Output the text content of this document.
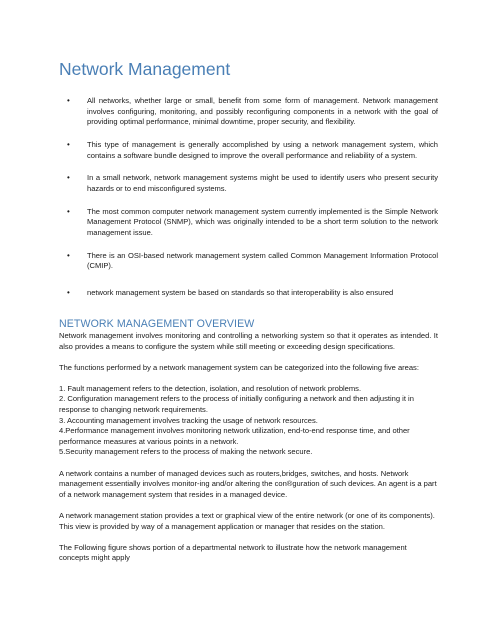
Network Management
• All networks, whether large or small, benefit from some form of management. Network management involves configuring, monitoring, and possibly reconfiguring components in a network with the goal of providing optimal performance, minimal downtime, proper security, and flexibility.
• This type of management is generally accomplished by using a network management system, which contains a software bundle designed to improve the overall performance and reliability of a system.
• In a small network, network management systems might be used to identify users who present security hazards or to end misconfigured systems.
• The most common computer network management system currently implemented is the Simple Network Management Protocol (SNMP), which was originally intended to be a short term solution to the network management issue.
• There is an OSI-based network management system called Common Management Information Protocol (CMIP).
• network management system be based on standards so that interoperability is also ensured
NETWORK MANAGEMENT OVERVIEW

Network management involves monitoring and controlling a networking system so that it operates as intended. It also provides a means to configure the system while still meeting or exceeding design specifications.

The functions performed by a network management system can be categorized into the following five areas:

1. Fault management refers to the detection, isolation, and resolution of network problems.

2. Configuration management refers to the process of initially configuring a network and then adjusting it in response to changing network requirements.

3. Accounting management involves tracking the usage of network resources.

4.Performance management involves monitoring network utilization, end-to-end response time, and other performance measures at various points in a network.

5.Security management refers to the process of making the network secure.

A network contains a number of managed devices such as routers,bridges, switches, and hosts. Network management essentially involves monitor-ing and/or altering the con®guration of such devices. An agent is a part of a network management system that resides in a managed device.

A network management station provides a text or graphical view of the entire network (or one of its components). This view is provided by way of a management application or manager that resides on the station.

The Following figure shows portion of a departmental network to illustrate how the network management concepts might apply
